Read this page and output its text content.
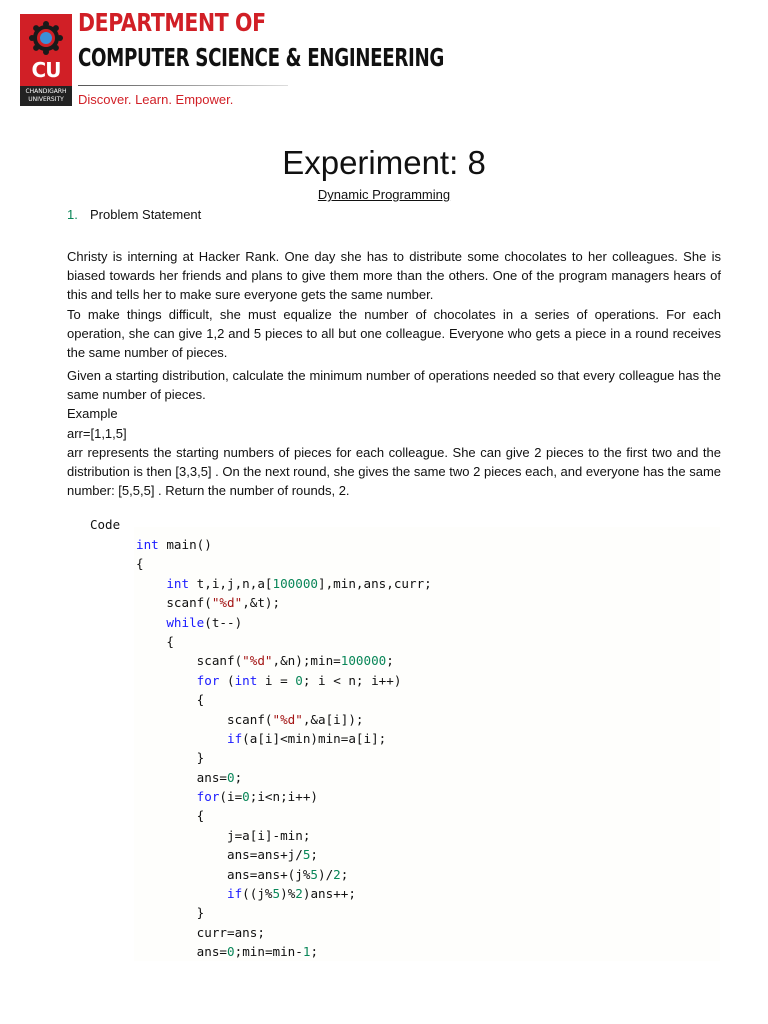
CU
CHANDIGARH
UNIVERSITY
DEPARTMENT OF
COMPUTER SCIENCE & ENGINEERING
Discover. Learn. Empower.
Experiment: 8
Dynamic Programming
1. Problem Statement

Christy is interning at Hacker Rank. One day she has to distribute some chocolates to her colleagues. She is biased towards her friends and plans to give them more than the others. One of the program managers hears of this and tells her to make sure everyone gets the same number.

To make things difficult, she must equalize the number of chocolates in a series of operations. For each operation, she can give 1,2 and 5 pieces to all but one colleague. Everyone who gets a piece in a round receives the same number of pieces.

Given a starting distribution, calculate the minimum number of operations needed so that every colleague has the same number of pieces.

Example

arr=[1,1,5]

arr represents the starting numbers of pieces for each colleague. She can give 2 pieces to the first two and the distribution is then [3,3,5] . On the next round, she gives the same two 2 pieces each, and everyone has the same number: [5,5,5] . Return the number of rounds, 2.

Code
int main()
{
int t,i,j,n,a[100000],min,ans,curr;
scanf("%d",&t);
while(t--)
{
scanf("%d",&n);min=100000;
for (int i = 0; i < n; i++)
{
scanf("%d",&a[i]);
if(a[i]<min)min=a[i];
}
ans=0;
for(i=0;i<n;i++)
{
j=a[i]-min;
ans=ans+j/5;
ans=ans+(j%5)/2;
if((j%5)%2)ans++;
}
curr=ans;
ans=0;min=min-1;
